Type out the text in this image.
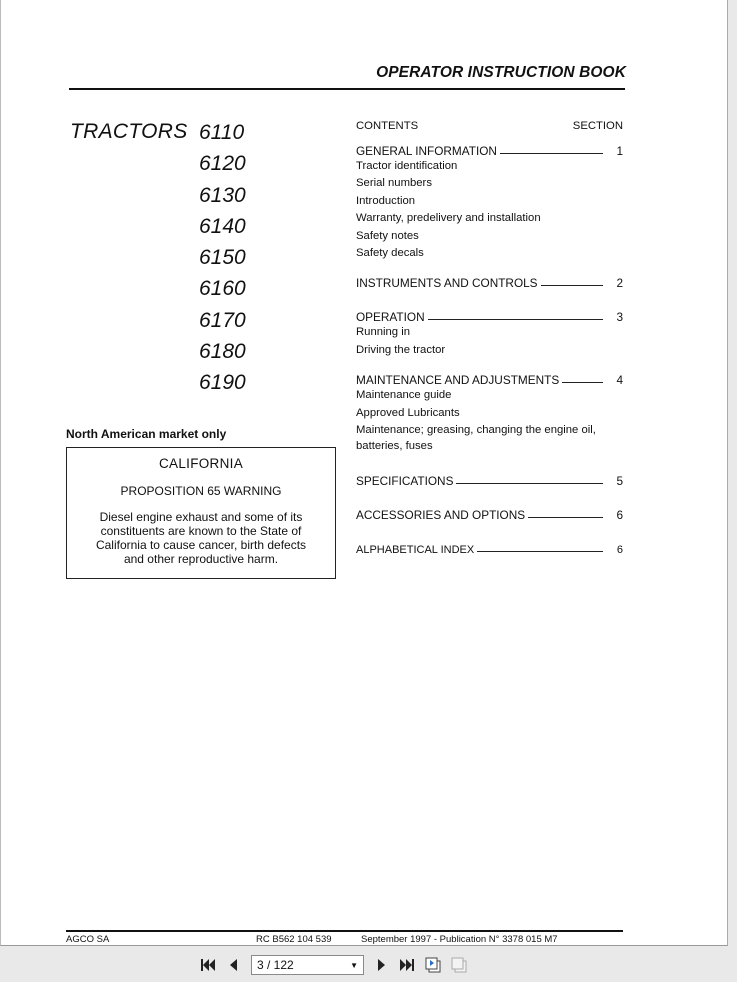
OPERATOR INSTRUCTION BOOK
TRACTORS 6110
6120
6130
6140
6150
6160
6170
6180
6190
North American market only
CALIFORNIA
PROPOSITION 65 WARNING
Diesel engine exhaust and some of its constituents are known to the State of California to cause cancer, birth defects and other reproductive harm.
CONTENTS	SECTION
GENERAL INFORMATION	1
Tractor identification
Serial numbers
Introduction
Warranty, predelivery and installation
Safety notes
Safety decals
INSTRUMENTS AND CONTROLS	2
OPERATION	3
Running in
Driving the tractor
MAINTENANCE AND ADJUSTMENTS	4
Maintenance guide
Approved Lubricants
Maintenance; greasing, changing the engine oil, batteries, fuses
SPECIFICATIONS	5
ACCESSORIES AND OPTIONS	6
ALPHABETICAL INDEX	6
AGCO SA	RC B562 104 539	September 1997 - Publication N° 3378 015 M7
3 / 122	▼
